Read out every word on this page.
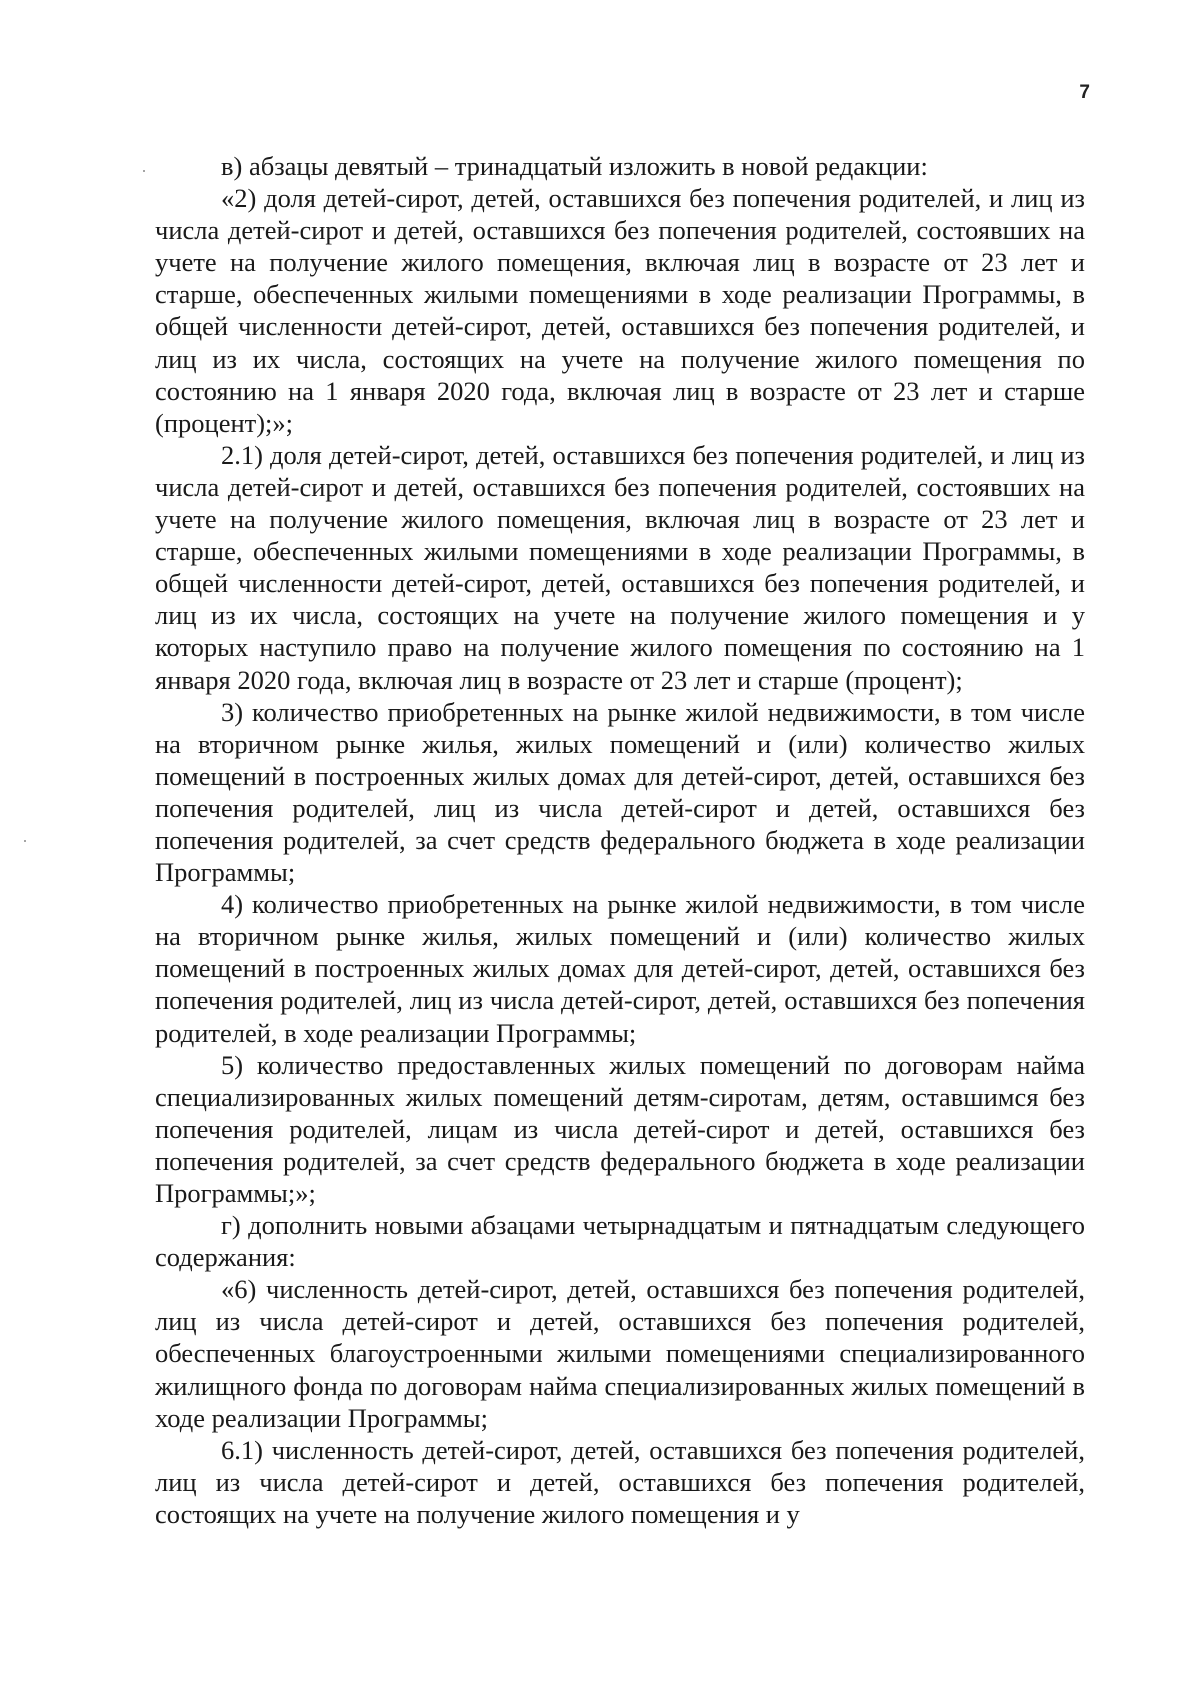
7

в) абзацы девятый – тринадцатый изложить в новой редакции:

«2) доля детей-сирот, детей, оставшихся без попечения родителей, и лиц из числа детей-сирот и детей, оставшихся без попечения родителей, состоявших на учете на получение жилого помещения, включая лиц в возрасте от 23 лет и старше, обеспеченных жилыми помещениями в ходе реализации Программы, в общей численности детей-сирот, детей, оставшихся без попечения родителей, и лиц из их числа, состоящих на учете на получение жилого помещения по состоянию на 1 января 2020 года, включая лиц в возрасте от 23 лет и старше (процент);»;

2.1) доля детей-сирот, детей, оставшихся без попечения родителей, и лиц из числа детей-сирот и детей, оставшихся без попечения родителей, состоявших на учете на получение жилого помещения, включая лиц в возрасте от 23 лет и старше, обеспеченных жилыми помещениями в ходе реализации Программы, в общей численности детей-сирот, детей, оставшихся без попечения родителей, и лиц из их числа, состоящих на учете на получение жилого помещения и у которых наступило право на получение жилого помещения по состоянию на 1 января 2020 года, включая лиц в возрасте от 23 лет и старше (процент);

3) количество приобретенных на рынке жилой недвижимости, в том числе на вторичном рынке жилья, жилых помещений и (или) количество жилых помещений в построенных жилых домах для детей-сирот, детей, оставшихся без попечения родителей, лиц из числа детей-сирот и детей, оставшихся без попечения родителей, за счет средств федерального бюджета в ходе реализации Программы;

4) количество приобретенных на рынке жилой недвижимости, в том числе на вторичном рынке жилья, жилых помещений и (или) количество жилых помещений в построенных жилых домах для детей-сирот, детей, оставшихся без попечения родителей, лиц из числа детей-сирот, детей, оставшихся без попечения родителей, в ходе реализации Программы;

5) количество предоставленных жилых помещений по договорам найма специализированных жилых помещений детям-сиротам, детям, оставшимся без попечения родителей, лицам из числа детей-сирот и детей, оставшихся без попечения родителей, за счет средств федерального бюджета в ходе реализации Программы;»;

г) дополнить новыми абзацами четырнадцатым и пятнадцатым следующего содержания:

«6) численность детей-сирот, детей, оставшихся без попечения родителей, лиц из числа детей-сирот и детей, оставшихся без попечения родителей, обеспеченных благоустроенными жилыми помещениями специализированного жилищного фонда по договорам найма специализированных жилых помещений в ходе реализации Программы;

6.1) численность детей-сирот, детей, оставшихся без попечения родителей, лиц из числа детей-сирот и детей, оставшихся без попечения родителей, состоящих на учете на получение жилого помещения и у
